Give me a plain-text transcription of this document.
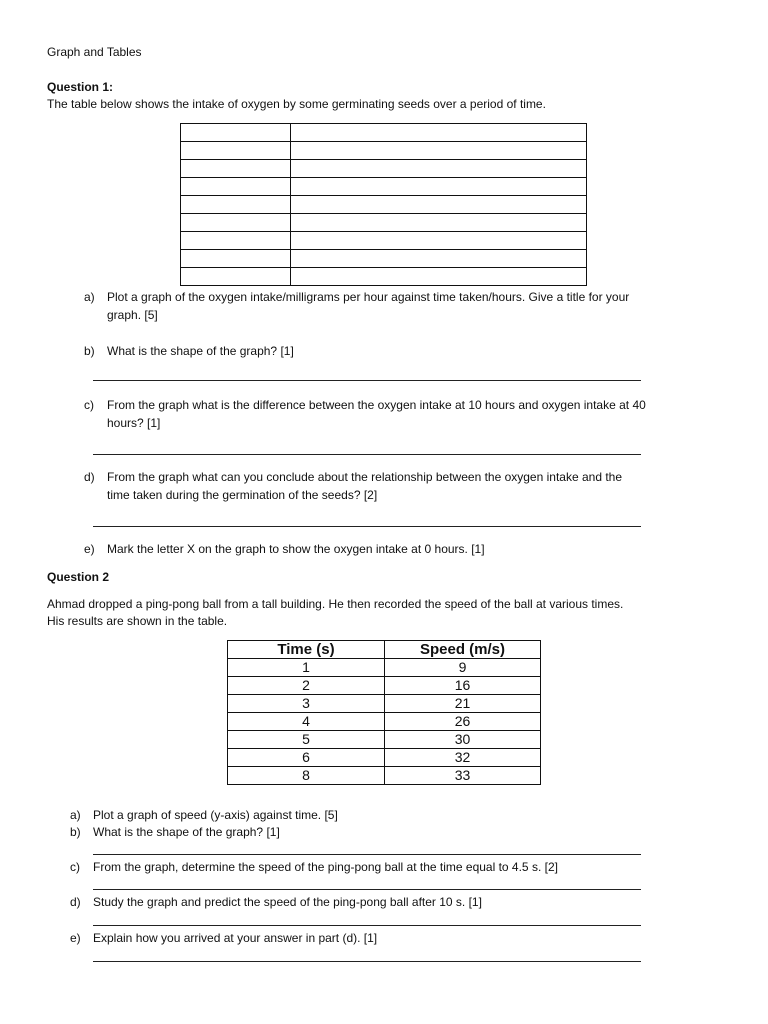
Graph and Tables
Question 1:
The table below shows the intake of oxygen by some germinating seeds over a period of time.

a) Plot a graph of the oxygen intake/milligrams per hour against time taken/hours. Give a title for your
graph. [5]
b) What is the shape of the graph? [1]
c) From the graph what is the difference between the oxygen intake at 10 hours and oxygen intake at 40
hours? [1]
d) From the graph what can you conclude about the relationship between the oxygen intake and the
time taken during the germination of the seeds? [2]
e) Mark the letter X on the graph to show the oxygen intake at 0 hours. [1]
Question 2
Ahmad dropped a ping-pong ball from a tall building. He then recorded the speed of the ball at various times.
His results are shown in the table.
Time (s)	Speed (m/s)
1	9
2	16
3	21
4	26
5	30
6	32
8	33
a) Plot a graph of speed (y-axis) against time. [5]
b) What is the shape of the graph? [1]
c) From the graph, determine the speed of the ping-pong ball at the time equal to 4.5 s. [2]
d) Study the graph and predict the speed of the ping-pong ball after 10 s. [1]
e) Explain how you arrived at your answer in part (d). [1]
